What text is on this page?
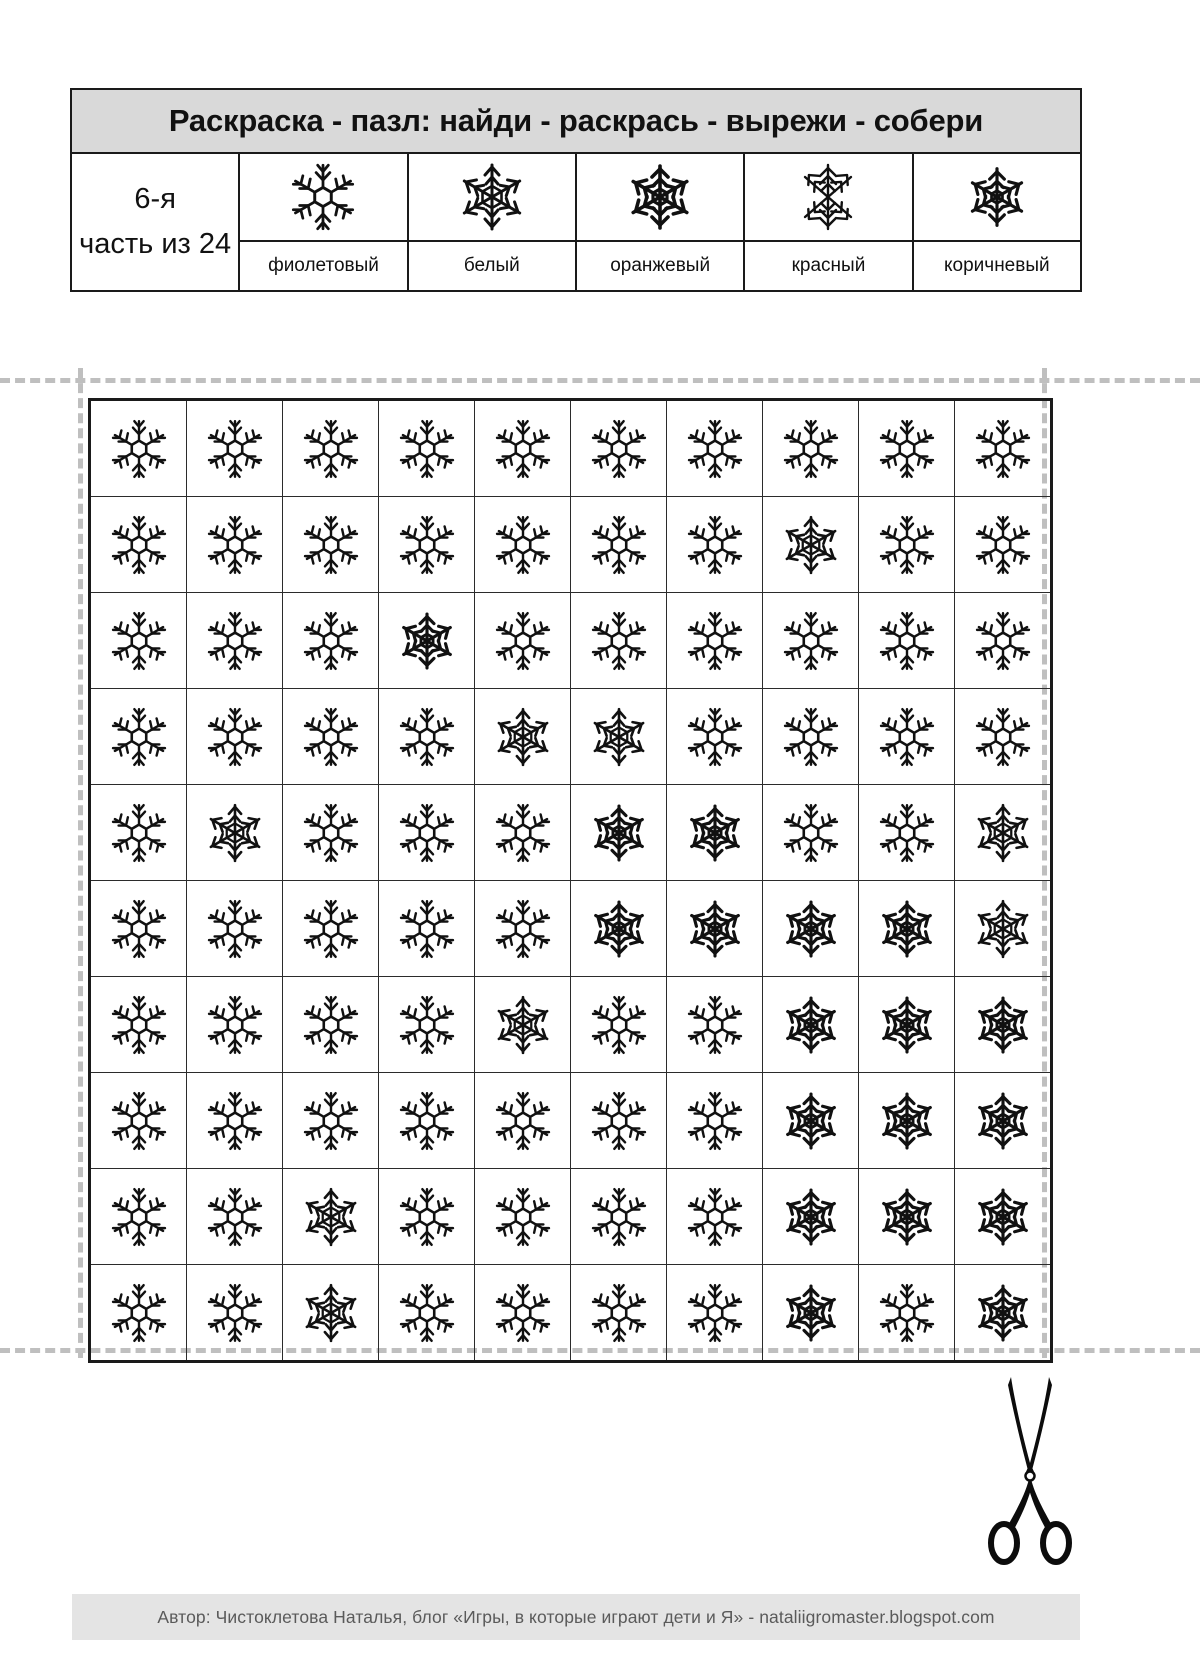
Раскраска - пазл: найди - раскрась - вырежи - собери					

6-я
часть из 24

	фиолетовый	белый	оранжевый	красный	коричневый

Автор: Чистоклетова Наталья, блог «Игры, в которые играют дети и Я» - nataliigromaster.blogspot.com
